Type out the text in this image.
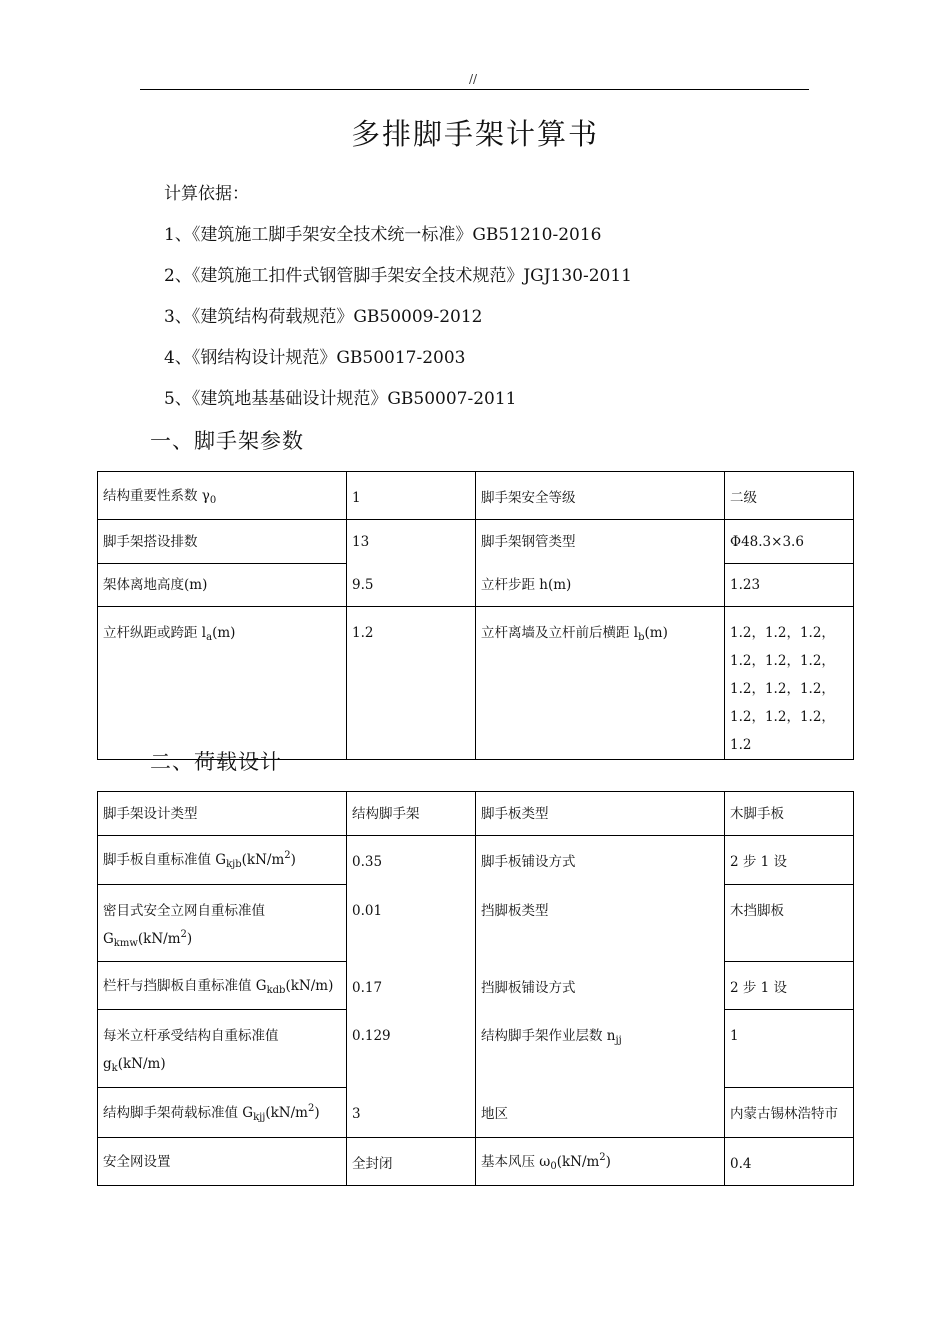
//
多排脚手架计算书
计算依据：
1、《建筑施工脚手架安全技术统一标准》GB51210-2016
2、《建筑施工扣件式钢管脚手架安全技术规范》JGJ130-2011
3、《建筑结构荷载规范》GB50009-2012
4、《钢结构设计规范》GB50017-2003
5、《建筑地基基础设计规范》GB50007-2011
一、脚手架参数
结构重要性系数 $\gamma_0$	1	脚手架安全等级	二级
脚手架搭设排数	13	脚手架钢管类型	Φ48.3×3.6
架体离地高度(m)	9.5	立杆步距 h(m)	1.23
立杆纵距或跨距 $l_a(m)$	1.2	立杆离墙及立杆前后横距 $l_b(m)$	1.2，1.2，1.2，
1.2，1.2，1.2，
1.2，1.2，1.2，
1.2，1.2，1.2，1.2
二、荷载设计
脚手架设计类型	结构脚手架	脚手板类型	木脚手板
脚手板自重标准值 $G_{kjb}(kN/m^2)$	0.35	脚手板铺设方式	2 步 1 设

密目式安全立网自重标准值
$G_{kmw}(kN/m^2)$	0.01	挡脚板类型	木挡脚板
栏杆与挡脚板自重标准值 $G_{kdb}(kN/m)$	0.17	挡脚板铺设方式	2 步 1 设

每米立杆承受结构自重标准值
$g_k(kN/m)$	0.129	结构脚手架作业层数 $n_{jj}$	1
结构脚手架荷载标准值 $G_{kjj}(kN/m^2)$	3	地区	内蒙古锡林浩特市
安全网设置	全封闭	基本风压 $\omega_0(kN/m^2)$	0.4
